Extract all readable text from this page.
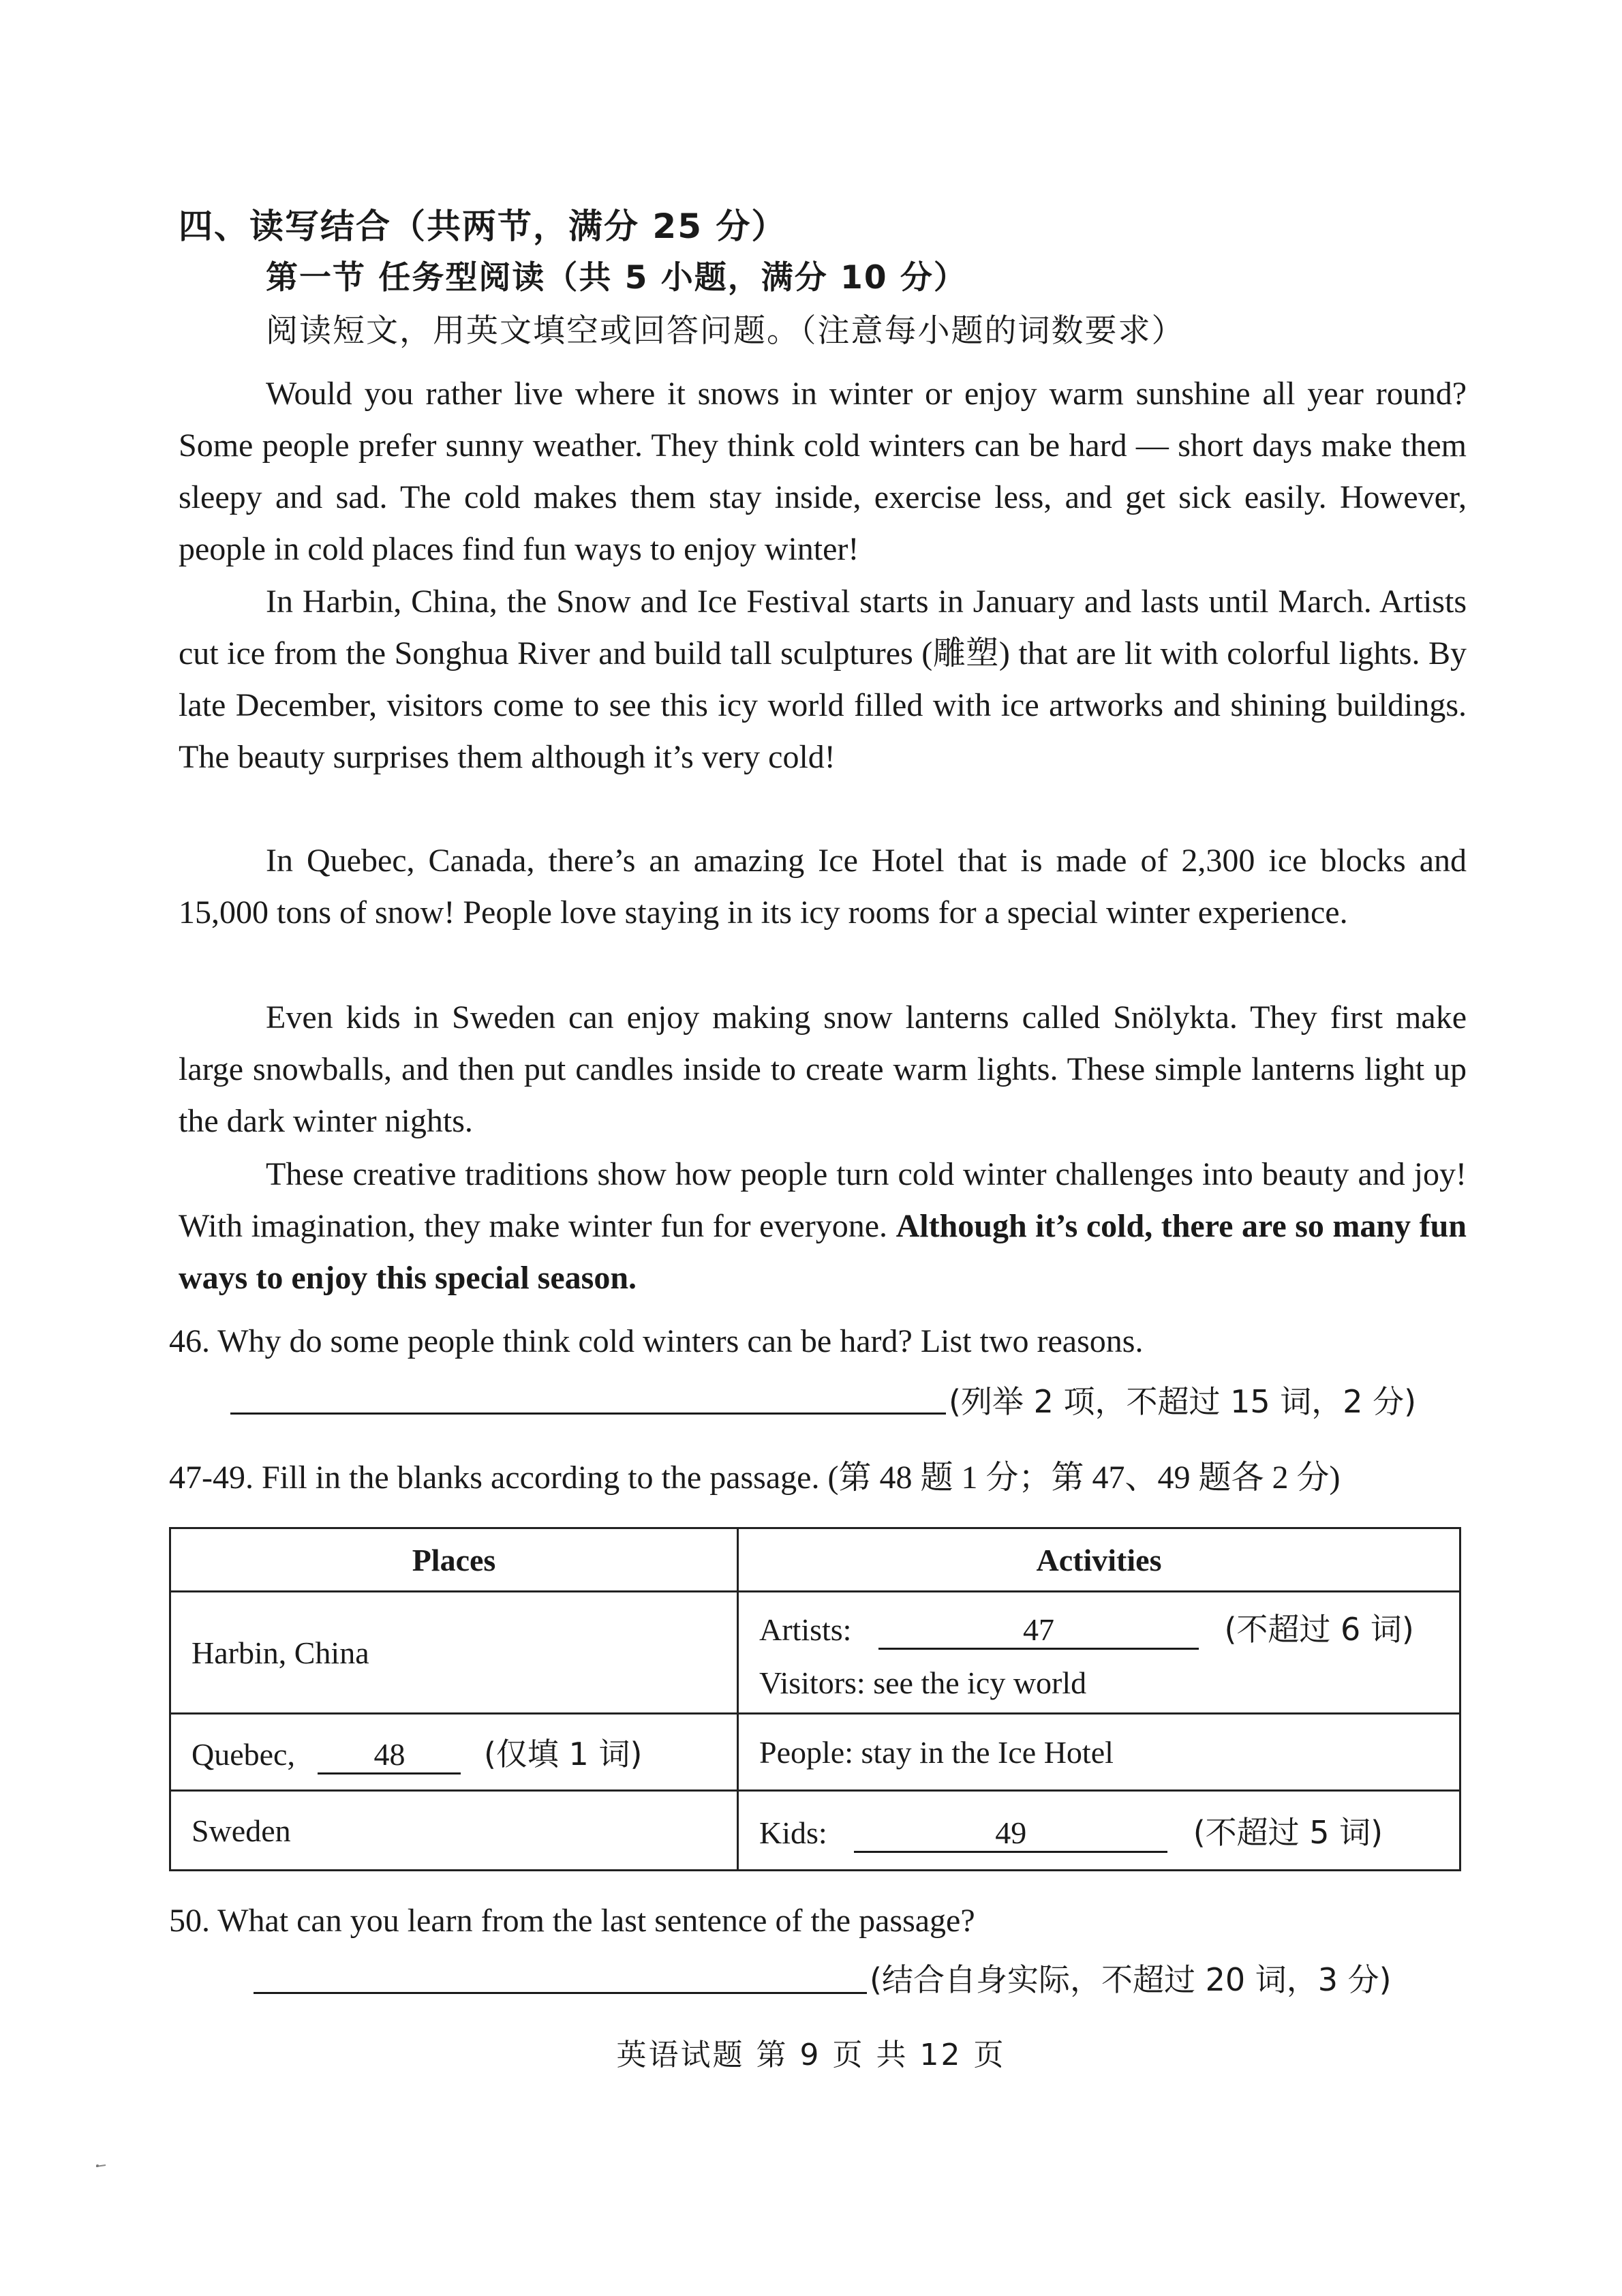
四、读写结合（共两节，满分 25 分）
第一节 任务型阅读（共 5 小题，满分 10 分）
阅读短文，用英文填空或回答问题。（注意每小题的词数要求）
Would you rather live where it snows in winter or enjoy warm sunshine all year round? Some people prefer sunny weather. They think cold winters can be hard — short days make them sleepy and sad. The cold makes them stay inside, exercise less, and get sick easily. However, people in cold places find fun ways to enjoy winter!
In Harbin, China, the Snow and Ice Festival starts in January and lasts until March. Artists cut ice from the Songhua River and build tall sculptures (雕塑) that are lit with colorful lights. By late December, visitors come to see this icy world filled with ice artworks and shining buildings. The beauty surprises them although it’s very cold!
In Quebec, Canada, there’s an amazing Ice Hotel that is made of 2,300 ice blocks and 15,000 tons of snow! People love staying in its icy rooms for a special winter experience.
Even kids in Sweden can enjoy making snow lanterns called Snölykta. They first make large snowballs, and then put candles inside to create warm lights. These simple lanterns light up the dark winter nights.
These creative traditions show how people turn cold winter challenges into beauty and joy! With imagination, they make winter fun for everyone. Although it’s cold, there are so many fun ways to enjoy this special season.
46. Why do some people think cold winters can be hard? List two reasons.
(列举 2 项，不超过 15 词，2 分)
47-49. Fill in the blanks according to the passage. (第 48 题 1 分；第 47、49 题各 2 分)
Places	Activities
Harbin, China	Artists: 47 (不超过 6 词)
Visitors: see the icy world

Quebec, 48 (仅填 1 词)	People: stay in the Ice Hotel
Sweden	Kids: 49 (不超过 5 词)
50. What can you learn from the last sentence of the passage?
(结合自身实际，不超过 20 词，3 分)
英语试题 第 9 页 共 12 页
